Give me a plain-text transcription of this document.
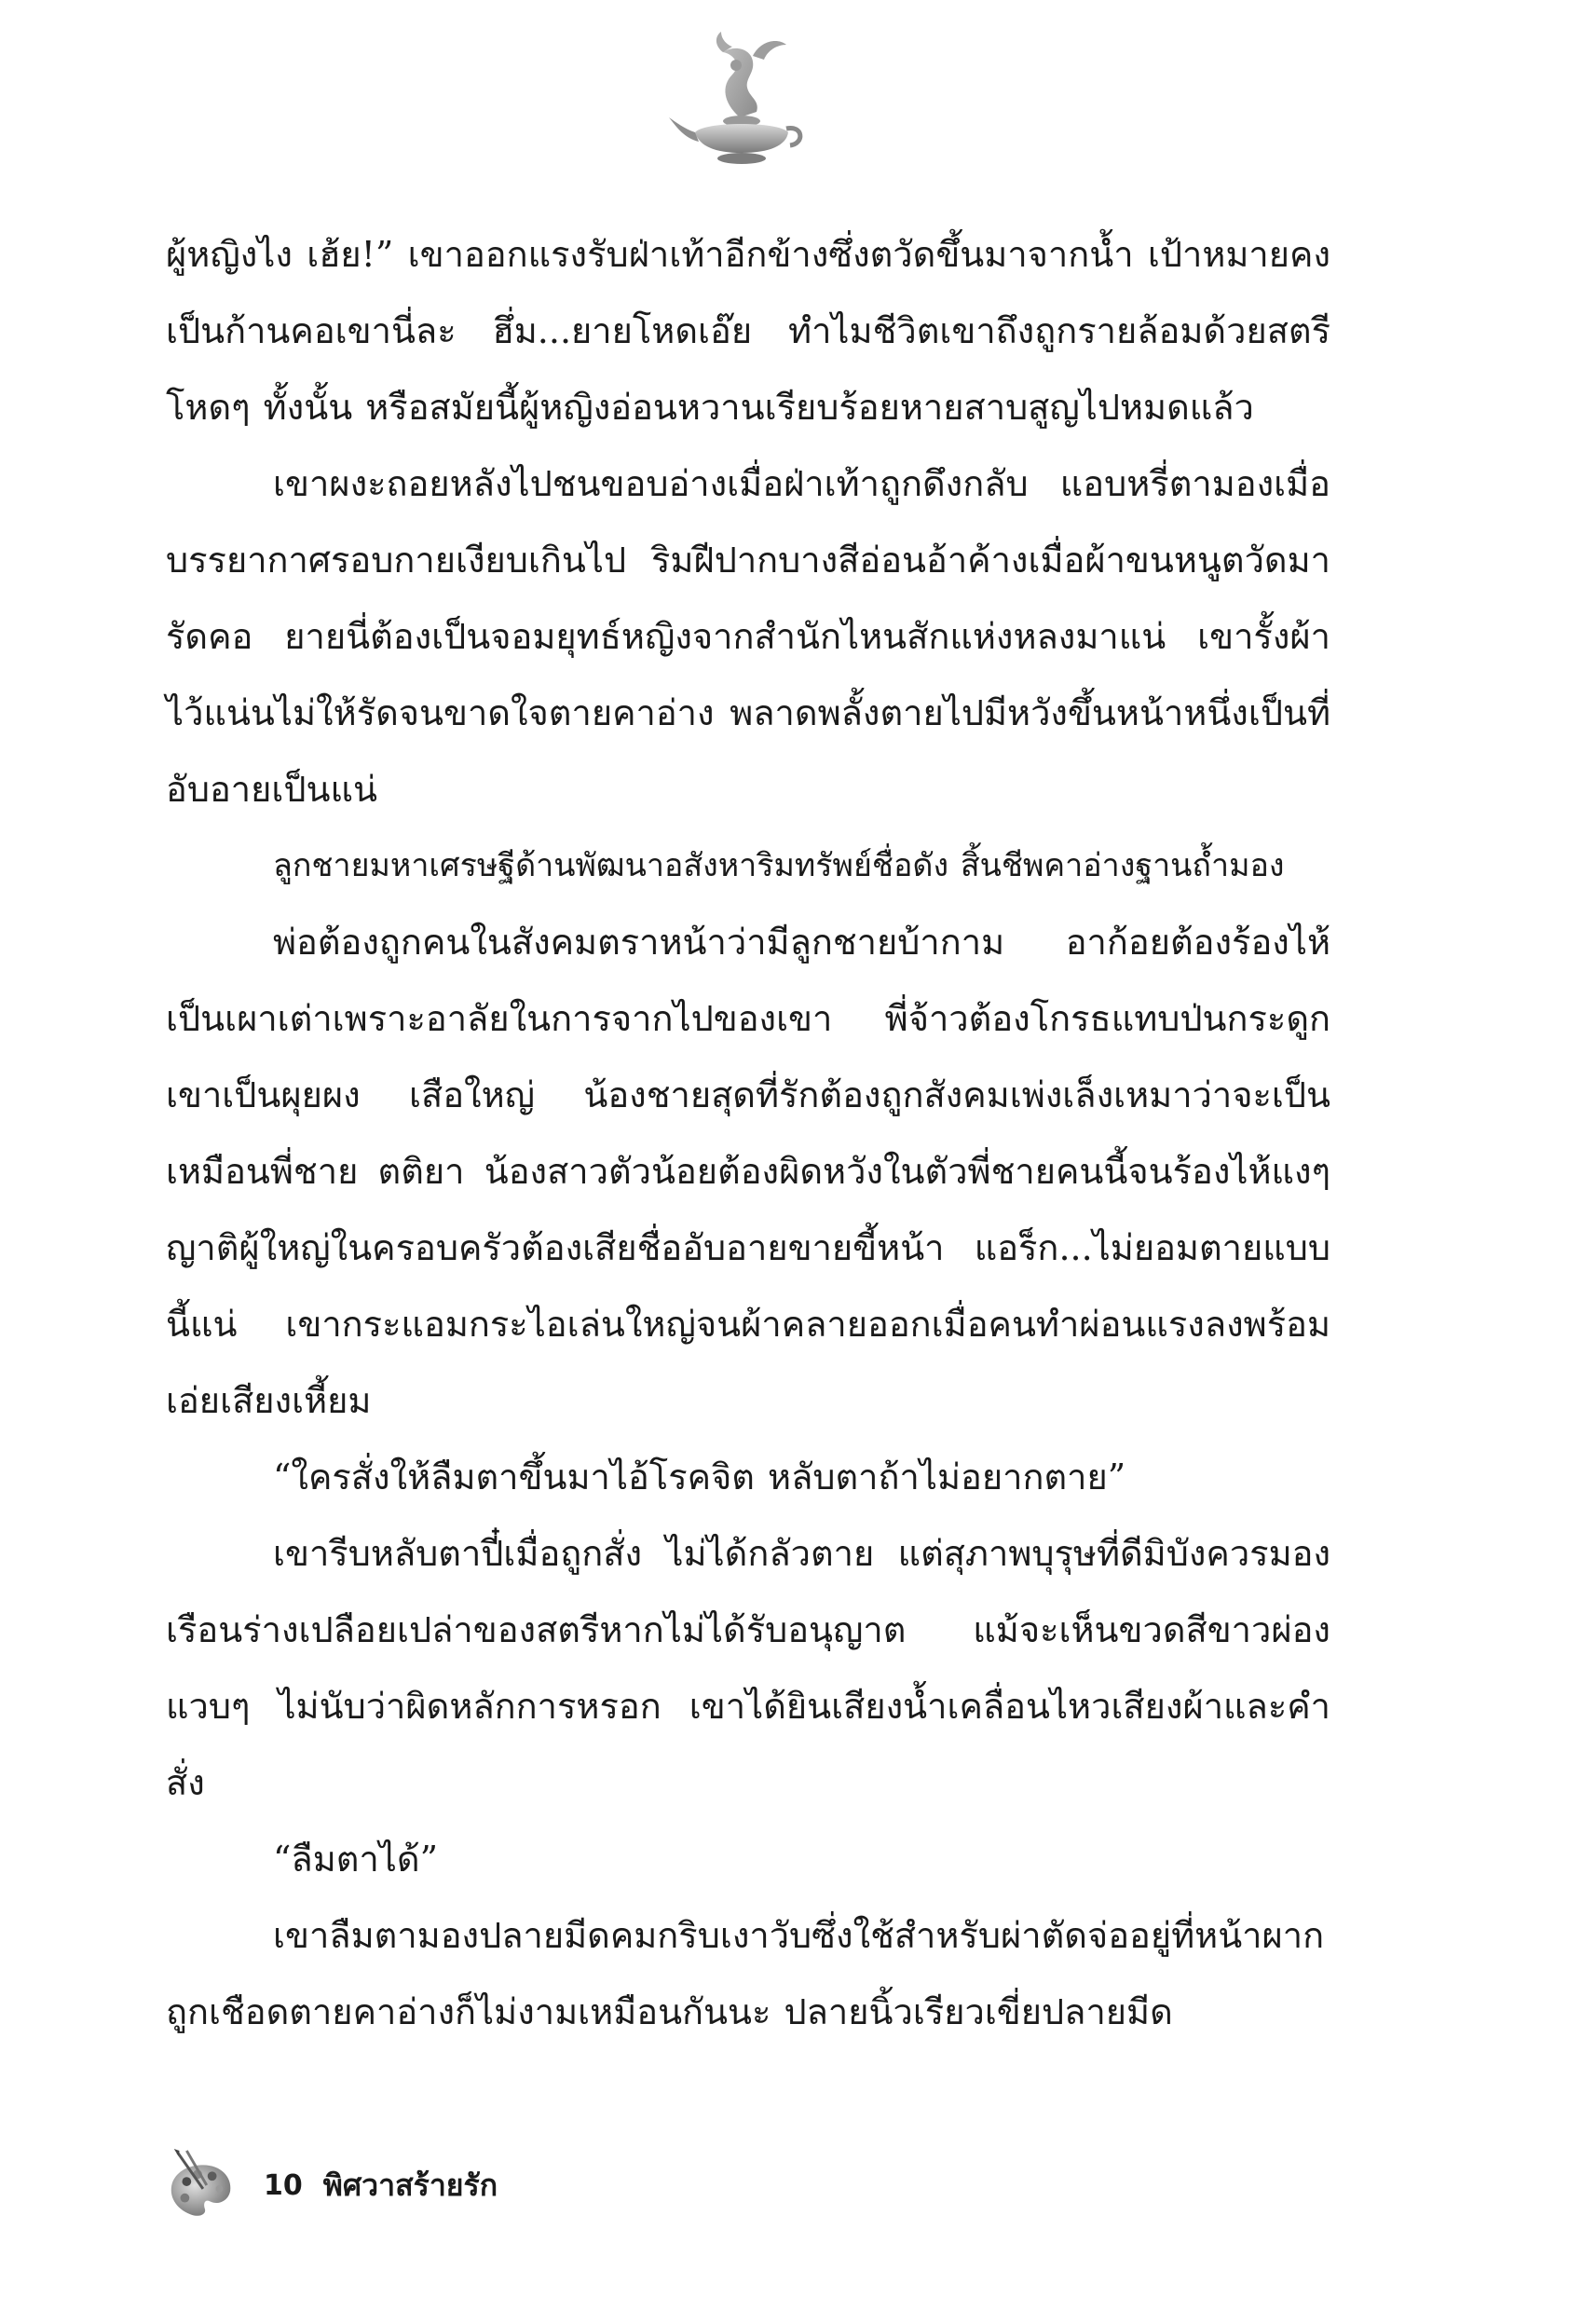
ผู้หญิงไง เฮ้ย!” เขาออกแรงรับฝ่าเท้าอีกข้างซึ่งตวัดขึ้นมาจากน้ำ เป้าหมายคงเป็นก้านคอเขานี่ละ ฮึ่ม...ยายโหดเอ๊ย ทำไมชีวิตเขาถึงถูกรายล้อมด้วยสตรีโหดๆ ทั้งนั้น หรือสมัยนี้ผู้หญิงอ่อนหวานเรียบร้อยหายสาบสูญไปหมดแล้ว

เขาผงะถอยหลังไปชนขอบอ่างเมื่อฝ่าเท้าถูกดึงกลับ แอบหรี่ตามองเมื่อบรรยากาศรอบกายเงียบเกินไป ริมฝีปากบางสีอ่อนอ้าค้างเมื่อผ้าขนหนูตวัดมารัดคอ ยายนี่ต้องเป็นจอมยุทธ์หญิงจากสำนักไหนสักแห่งหลงมาแน่ เขารั้งผ้าไว้แน่นไม่ให้รัดจนขาดใจตายคาอ่าง พลาดพลั้งตายไปมีหวังขึ้นหน้าหนึ่งเป็นที่อับอายเป็นแน่

ลูกชายมหาเศรษฐีด้านพัฒนาอสังหาริมทรัพย์ชื่อดัง สิ้นชีพคาอ่างฐานถ้ำมอง

พ่อต้องถูกคนในสังคมตราหน้าว่ามีลูกชายบ้ากาม อาก้อยต้องร้องไห้เป็นเผาเต่าเพราะอาลัยในการจากไปของเขา พี่จ้าวต้องโกรธแทบป่นกระดูกเขาเป็นผุยผง เสือใหญ่ น้องชายสุดที่รักต้องถูกสังคมเพ่งเล็งเหมาว่าจะเป็นเหมือนพี่ชาย ตติยา น้องสาวตัวน้อยต้องผิดหวังในตัวพี่ชายคนนี้จนร้องไห้แงๆ ญาติผู้ใหญ่ในครอบครัวต้องเสียชื่ออับอายขายขี้หน้า แอร็ก...ไม่ยอมตายแบบนี้แน่ เขากระแอมกระไอเล่นใหญ่จนผ้าคลายออกเมื่อคนทำผ่อนแรงลงพร้อมเอ่ยเสียงเหี้ยม

“ใครสั่งให้ลืมตาขึ้นมาไอ้โรคจิต หลับตาถ้าไม่อยากตาย”

เขารีบหลับตาปี๋เมื่อถูกสั่ง ไม่ได้กลัวตาย แต่สุภาพบุรุษที่ดีมิบังควรมองเรือนร่างเปลือยเปล่าของสตรีหากไม่ได้รับอนุญาต แม้จะเห็นขวดสีขาวผ่องแวบๆ ไม่นับว่าผิดหลักการหรอก เขาได้ยินเสียงน้ำเคลื่อนไหวเสียงผ้าและคำสั่ง

“ลืมตาได้”

เขาลืมตามองปลายมีดคมกริบเงาวับซึ่งใช้สำหรับผ่าตัดจ่ออยู่ที่หน้าผาก ถูกเชือดตายคาอ่างก็ไม่งามเหมือนกันนะ ปลายนิ้วเรียวเขี่ยปลายมีด

10 พิศวาสร้ายรัก
